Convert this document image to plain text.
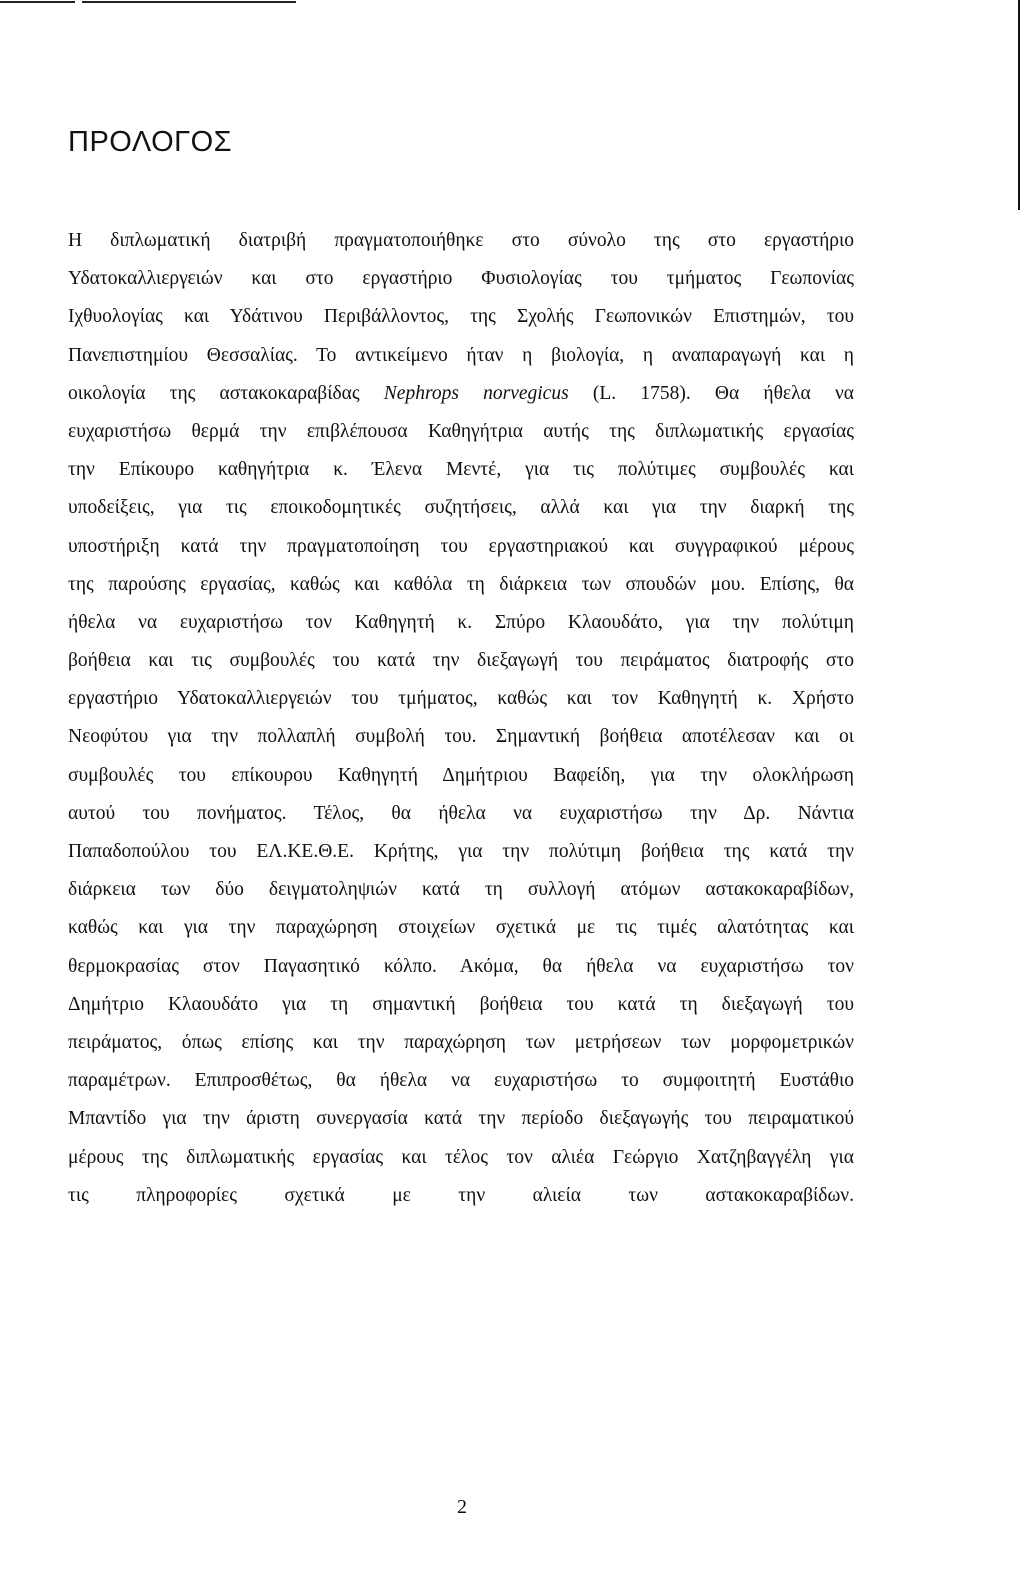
ΠΡΟΛΟΓΟΣ
Η διπλωματική διατριβή πραγματοποιήθηκε στο σύνολο της στο εργαστήριο
Υδατοκαλλιεργειών και στο εργαστήριο Φυσιολογίας του τμήματος Γεωπονίας
Ιχθυολογίας και Υδάτινου Περιβάλλοντος, της Σχολής Γεωπονικών Επιστημών, του
Πανεπιστημίου Θεσσαλίας. Το αντικείμενο ήταν η βιολογία, η αναπαραγωγή και η
οικολογία της αστακοκαραβίδας Nephrops norvegicus (L. 1758). Θα ήθελα να
ευχαριστήσω θερμά την επιβλέπουσα Καθηγήτρια αυτής της διπλωματικής εργασίας
την Επίκουρο καθηγήτρια κ. Έλενα Μεντέ, για τις πολύτιμες συμβουλές και
υποδείξεις, για τις εποικοδομητικές συζητήσεις, αλλά και για την διαρκή της
υποστήριξη κατά την πραγματοποίηση του εργαστηριακού και συγγραφικού μέρους
της παρούσης εργασίας, καθώς και καθόλα τη διάρκεια των σπουδών μου. Επίσης, θα
ήθελα να ευχαριστήσω τον Καθηγητή κ. Σπύρο Κλαουδάτο, για την πολύτιμη
βοήθεια και τις συμβουλές του κατά την διεξαγωγή του πειράματος διατροφής στο
εργαστήριο Υδατοκαλλιεργειών του τμήματος, καθώς και τον Καθηγητή κ. Χρήστο
Νεοφύτου για την πολλαπλή συμβολή του. Σημαντική βοήθεια αποτέλεσαν και οι
συμβουλές του επίκουρου Καθηγητή Δημήτριου Βαφείδη, για την ολοκλήρωση
αυτού του πονήματος. Τέλος, θα ήθελα να ευχαριστήσω την Δρ. Νάντια
Παπαδοπούλου του ΕΛ.ΚΕ.Θ.Ε. Κρήτης, για την πολύτιμη βοήθεια της κατά την
διάρκεια των δύο δειγματοληψιών κατά τη συλλογή ατόμων αστακοκαραβίδων,
καθώς και για την παραχώρηση στοιχείων σχετικά με τις τιμές αλατότητας και
θερμοκρασίας στον Παγασητικό κόλπο. Ακόμα, θα ήθελα να ευχαριστήσω τον
Δημήτριο Κλαουδάτο για τη σημαντική βοήθεια του κατά τη διεξαγωγή του
πειράματος, όπως επίσης και την παραχώρηση των μετρήσεων των μορφομετρικών
παραμέτρων. Επιπροσθέτως, θα ήθελα να ευχαριστήσω το συμφοιτητή Ευστάθιο
Μπαντίδο για την άριστη συνεργασία κατά την περίοδο διεξαγωγής του πειραματικού
μέρους της διπλωματικής εργασίας και τέλος τον αλιέα Γεώργιο Χατζηβαγγέλη για
τις πληροφορίες σχετικά με την αλιεία των αστακοκαραβίδων.
2
